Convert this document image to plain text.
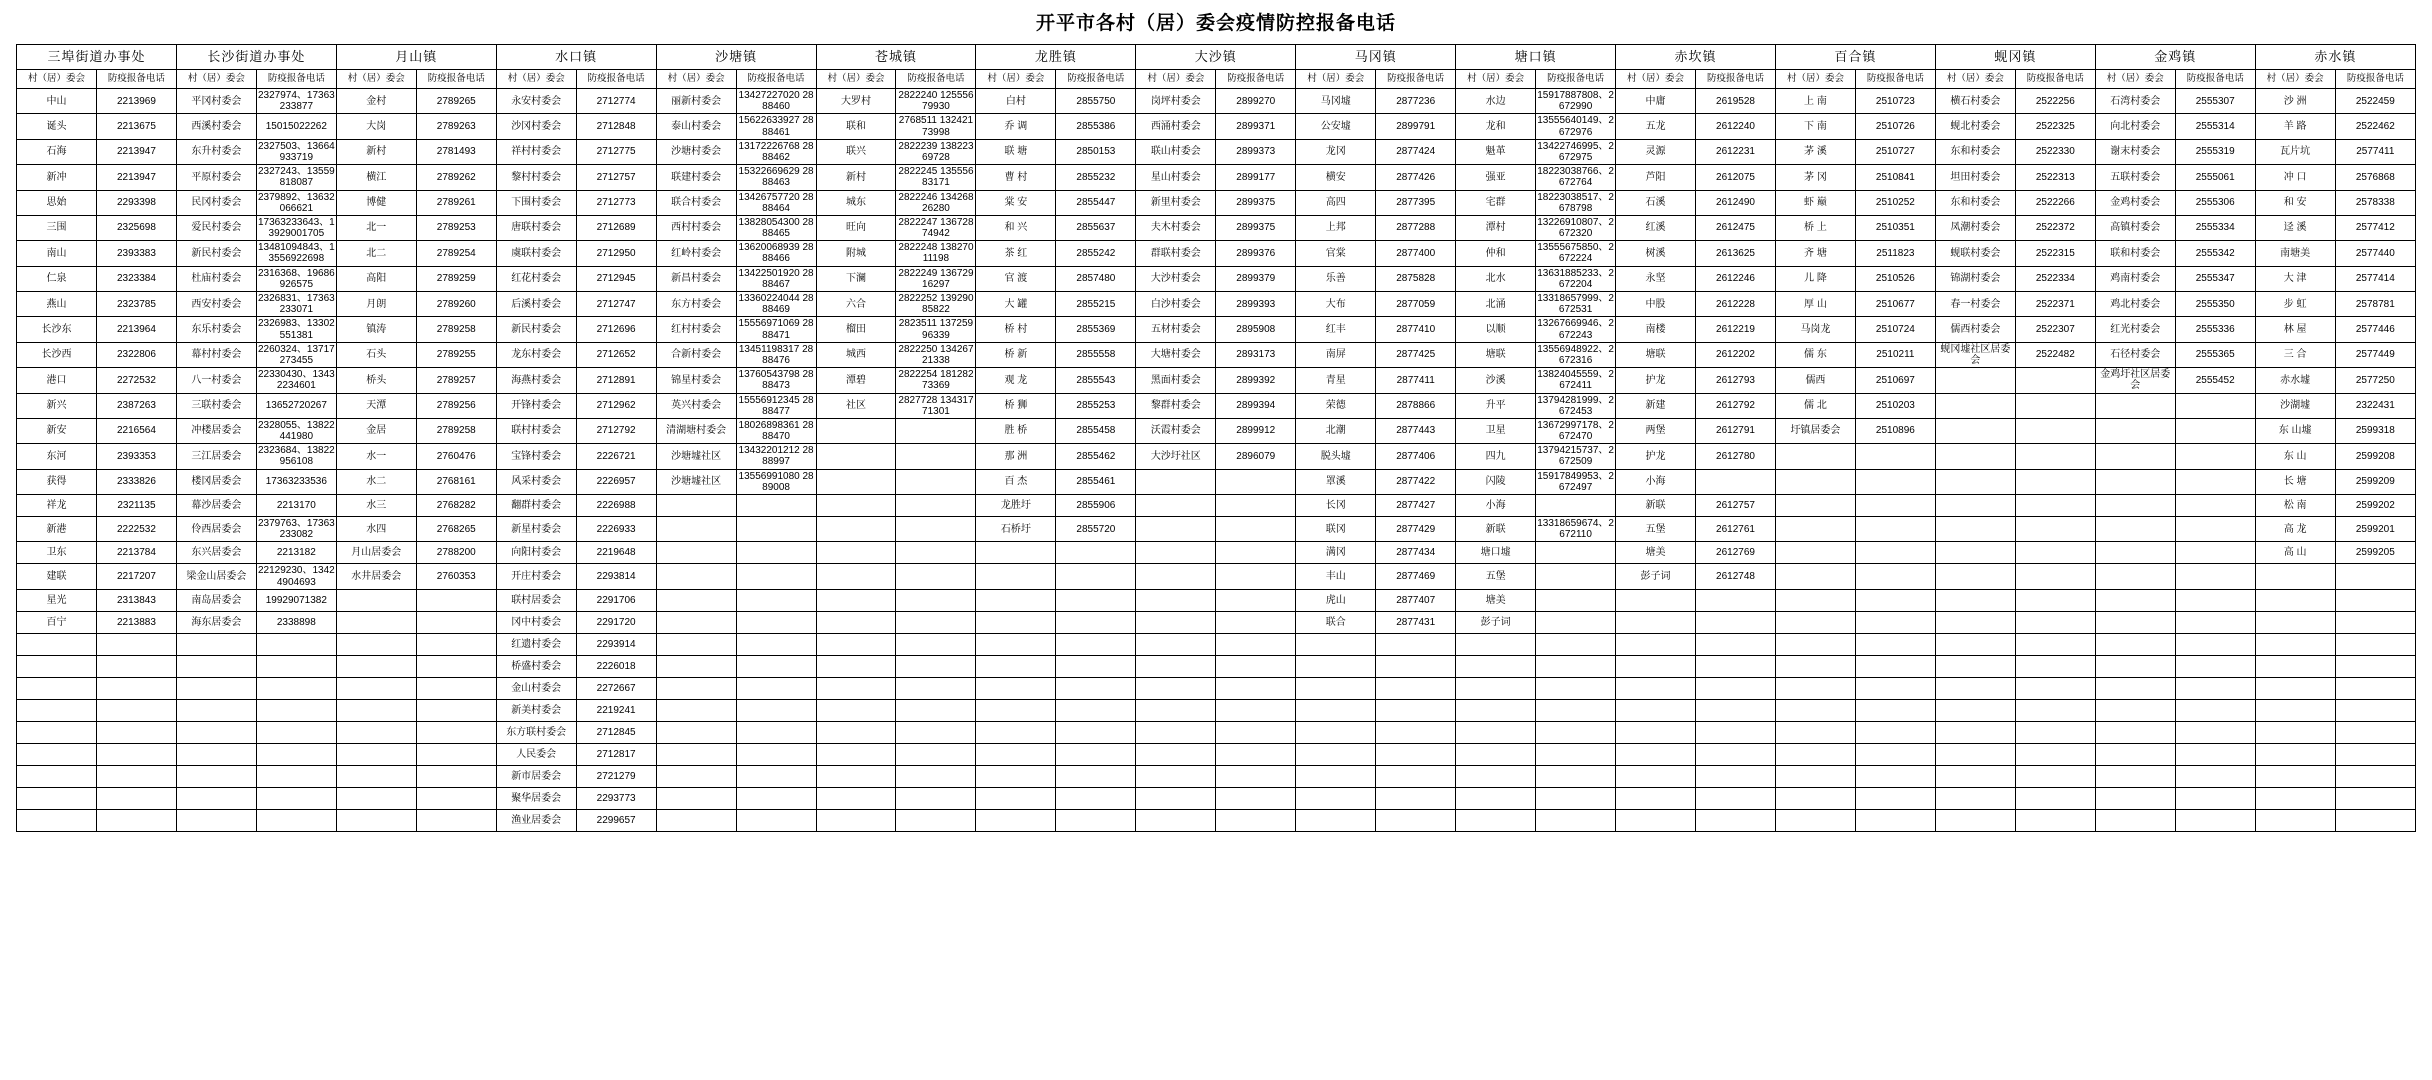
开平市各村（居）委会疫情防控报备电话
三埠街道办事处		长沙街道办事处		月山镇		水口镇		沙塘镇		苍城镇		龙胜镇		大沙镇		马冈镇		塘口镇		赤坎镇		百合镇		蚬冈镇		金鸡镇		赤水镇	
村（居）委会	防疫报备电话	村（居）委会	防疫报备电话	村（居）委会	防疫报备电话	村（居）委会	防疫报备电话	村（居）委会	防疫报备电话	村（居）委会	防疫报备电话	村（居）委会	防疫报备电话	村（居）委会	防疫报备电话	村（居）委会	防疫报备电话	村（居）委会	防疫报备电话	村（居）委会	防疫报备电话	村（居）委会	防疫报备电话	村（居）委会	防疫报备电话	村（居）委会	防疫报备电话	村（居）委会	防疫报备电话
中山	2213969	平冈村委会	2327974、17363233877	金村	2789265	永安村委会	2712774	丽新村委会	13427227020 2888460	大罗村	2822240 12555679930	白村	2855750	岗坪村委会	2899270	马冈墟	2877236	水边	15917887808、2672990	中庸	2619528	上 南	2510723	横石村委会	2522256	石湾村委会	2555307	沙 洲	2522459
诞头	2213675	西溪村委会	15015022262	大岗	2789263	沙冈村委会	2712848	泰山村委会	15622633927 2888461	联和	2768511 13242173998	乔 调	2855386	西涌村委会	2899371	公安墟	2899791	龙和	13555640149、2672976	五龙	2612240	下 南	2510726	蚬北村委会	2522325	向北村委会	2555314	羊 路	2522462
石海	2213947	东升村委会	2327503、13664933719	新村	2781493	祥村村委会	2712775	沙塘村委会	13172226768 2888462	联兴	2822239 13822369728	联 塘	2850153	联山村委会	2899373	龙冈	2877424	魁革	13422746995、2672975	灵源	2612231	茅 溪	2510727	东和村委会	2522330	谢末村委会	2555319	瓦片坑	2577411
新冲	2213947	平原村委会	2327243、13559818087	横江	2789262	黎村村委会	2712757	联建村委会	15322669629 2888463	新村	2822245 13555683171	曹 村	2855232	星山村委会	2899177	横安	2877426	强亚	18223038766、2672764	芦阳	2612075	茅 冈	2510841	坦田村委会	2522313	五联村委会	2555061	冲 口	2576868
思始	2293398	民冈村委会	2379892、13632066621	博健	2789261	下围村委会	2712773	联合村委会	13426757720 2888464	城东	2822246 13426826280	棠 安	2855447	新里村委会	2899375	高四	2877395	宅群	18223038517、2678798	石溪	2612490	虾 巅	2510252	东和村委会	2522266	金鸡村委会	2555306	和 安	2578338
三围	2325698	爱民村委会	17363233643、13929001705	北一	2789253	唐联村委会	2712689	西村村委会	13828054300 2888465	旺向	2822247 13672874942	和 兴	2855637	夫木村委会	2899375	上邦	2877288	潭村	13226910807、2672320	红溪	2612475	桥 上	2510351	凤潮村委会	2522372	高镇村委会	2555334	迳 溪	2577412
南山	2393383	新民村委会	13481094843、13556922698	北二	2789254	虞联村委会	2712950	红岭村委会	13620068939 2888466	附城	2822248 13827011198	茶 红	2855242	群联村委会	2899376	官棠	2877400	仲和	13555675850、2672224	树溪	2613625	齐 塘	2511823	蚬联村委会	2522315	联和村委会	2555342	南塘美	2577440
仁泉	2323384	杜庙村委会	2316368、19686926575	高阳	2789259	红花村委会	2712945	新昌村委会	13422501920 2888467	下澜	2822249 13672916297	官 渡	2857480	大沙村委会	2899379	乐善	2875828	北水	13631885233、2672204	永坚	2612246	儿 降	2510526	锦湖村委会	2522334	鸡南村委会	2555347	大 津	2577414
燕山	2323785	西安村委会	2326831、17363233071	月朗	2789260	后溪村委会	2712747	东方村委会	13360224044 2888469	六合	2822252 13929085822	大 罐	2855215	白沙村委会	2899393	大布	2877059	北涌	13318657999、2672531	中股	2612228	厚 山	2510677	春一村委会	2522371	鸡北村委会	2555350	步 虹	2578781
长沙东	2213964	东乐村委会	2326983、13302551381	镇涛	2789258	新民村委会	2712696	红村村委会	15556971069 2888471	榴田	2823511 13725996339	桥 村	2855369	五材村委会	2895908	红丰	2877410	以顺	13267669946、2672243	南楼	2612219	马岗龙	2510724	儒西村委会	2522307	红光村委会	2555336	林 屋	2577446
长沙西	2322806	幕村村委会	2260324、13717273455	石头	2789255	龙东村委会	2712652	合新村委会	13451198317 2888476	城西	2822250 13426721338	桥 新	2855558	大塘村委会	2893173	南屏	2877425	塘联	13556948922、2672316	塘联	2612202	儒 东	2510211	蚬冈墟社区居委会	2522482	石径村委会	2555365	三 合	2577449
港口	2272532	八一村委会	22330430、13432234601	桥头	2789257	海燕村委会	2712891	锦星村委会	13760543798 2888473	潭碧	2822254 18128273369	观 龙	2855543	黑面村委会	2899392	青星	2877411	沙溪	13824045559、2672411	护龙	2612793	儒西	2510697			金鸡圩社区居委会	2555452	赤水墟	2577250
新兴	2387263	三联村委会	13652720267	天潭	2789256	开锋村委会	2712962	英兴村委会	15556912345 2888477	社区	2827728 13431771301	桥 狮	2855253	黎群村委会	2899394	荣德	2878866	升平	13794281999、2672453	新建	2612792	儒 北	2510203					沙湖墟	2322431
新安	2216564	冲楼居委会	2328055、13822441980	金居	2789258	联村村委会	2712792	清湖塘村委会	18026898361 2888470			胜 桥	2855458	沃霞村委会	2899912	北潮	2877443	卫星	13672997178、2672470	两堡	2612791	圩镇居委会	2510896					东 山墟	2599318
东河	2393353	三江居委会	2323684、13822956108	水一	2760476	宝锋村委会	2226721	沙塘墟社区	13432201212 2888997			那 洲	2855462	大沙圩社区	2896079	脱头墟	2877406	四九	13794215737、2672509	护龙	2612780							东 山	2599208
获得	2333826	楼冈居委会	17363233536	水二	2768161	风采村委会	2226957	沙塘墟社区	13556991080 2889008			百 杰	2855461			罩溪	2877422	闪陵	15917849953、2672497	小海								长 塘	2599209
祥龙	2321135	幕沙居委会	2213170	水三	2768282	翻群村委会	2226988					龙胜圩	2855906			长冈	2877427	小海		新联	2612757							松 南	2599202
新港	2222532	伶西居委会	2379763、17363233082	水四	2768265	新星村委会	2226933					石桥圩	2855720			联冈	2877429	新联	13318659674、2672110	五堡	2612761							高 龙	2599201
卫东	2213784	东兴居委会	2213182	月山居委会	2788200	向阳村委会	2219648									满冈	2877434	塘口墟		塘美	2612769							高 山	2599205
建联	2217207	梁金山居委会	22129230、13424904693	水井居委会	2760353	开庄村委会	2293814									丰山	2877469	五堡		彭子词	2612748								
星光	2313843	南岛居委会	19929071382			联村居委会	2291706									虎山	2877407	塘美											
百宁	2213883	海东居委会	2338898			冈中村委会	2291720									联合	2877431	彭子词											
						红遗村委会	2293914																						
						桥盛村委会	2226018																						
						金山村委会	2272667																						
						新美村委会	2219241																						
						东方联村委会	2712845																						
						人民委会	2712817																						
						新市居委会	2721279																						
						聚华居委会	2293773																						
						渔业居委会	2299657																						
